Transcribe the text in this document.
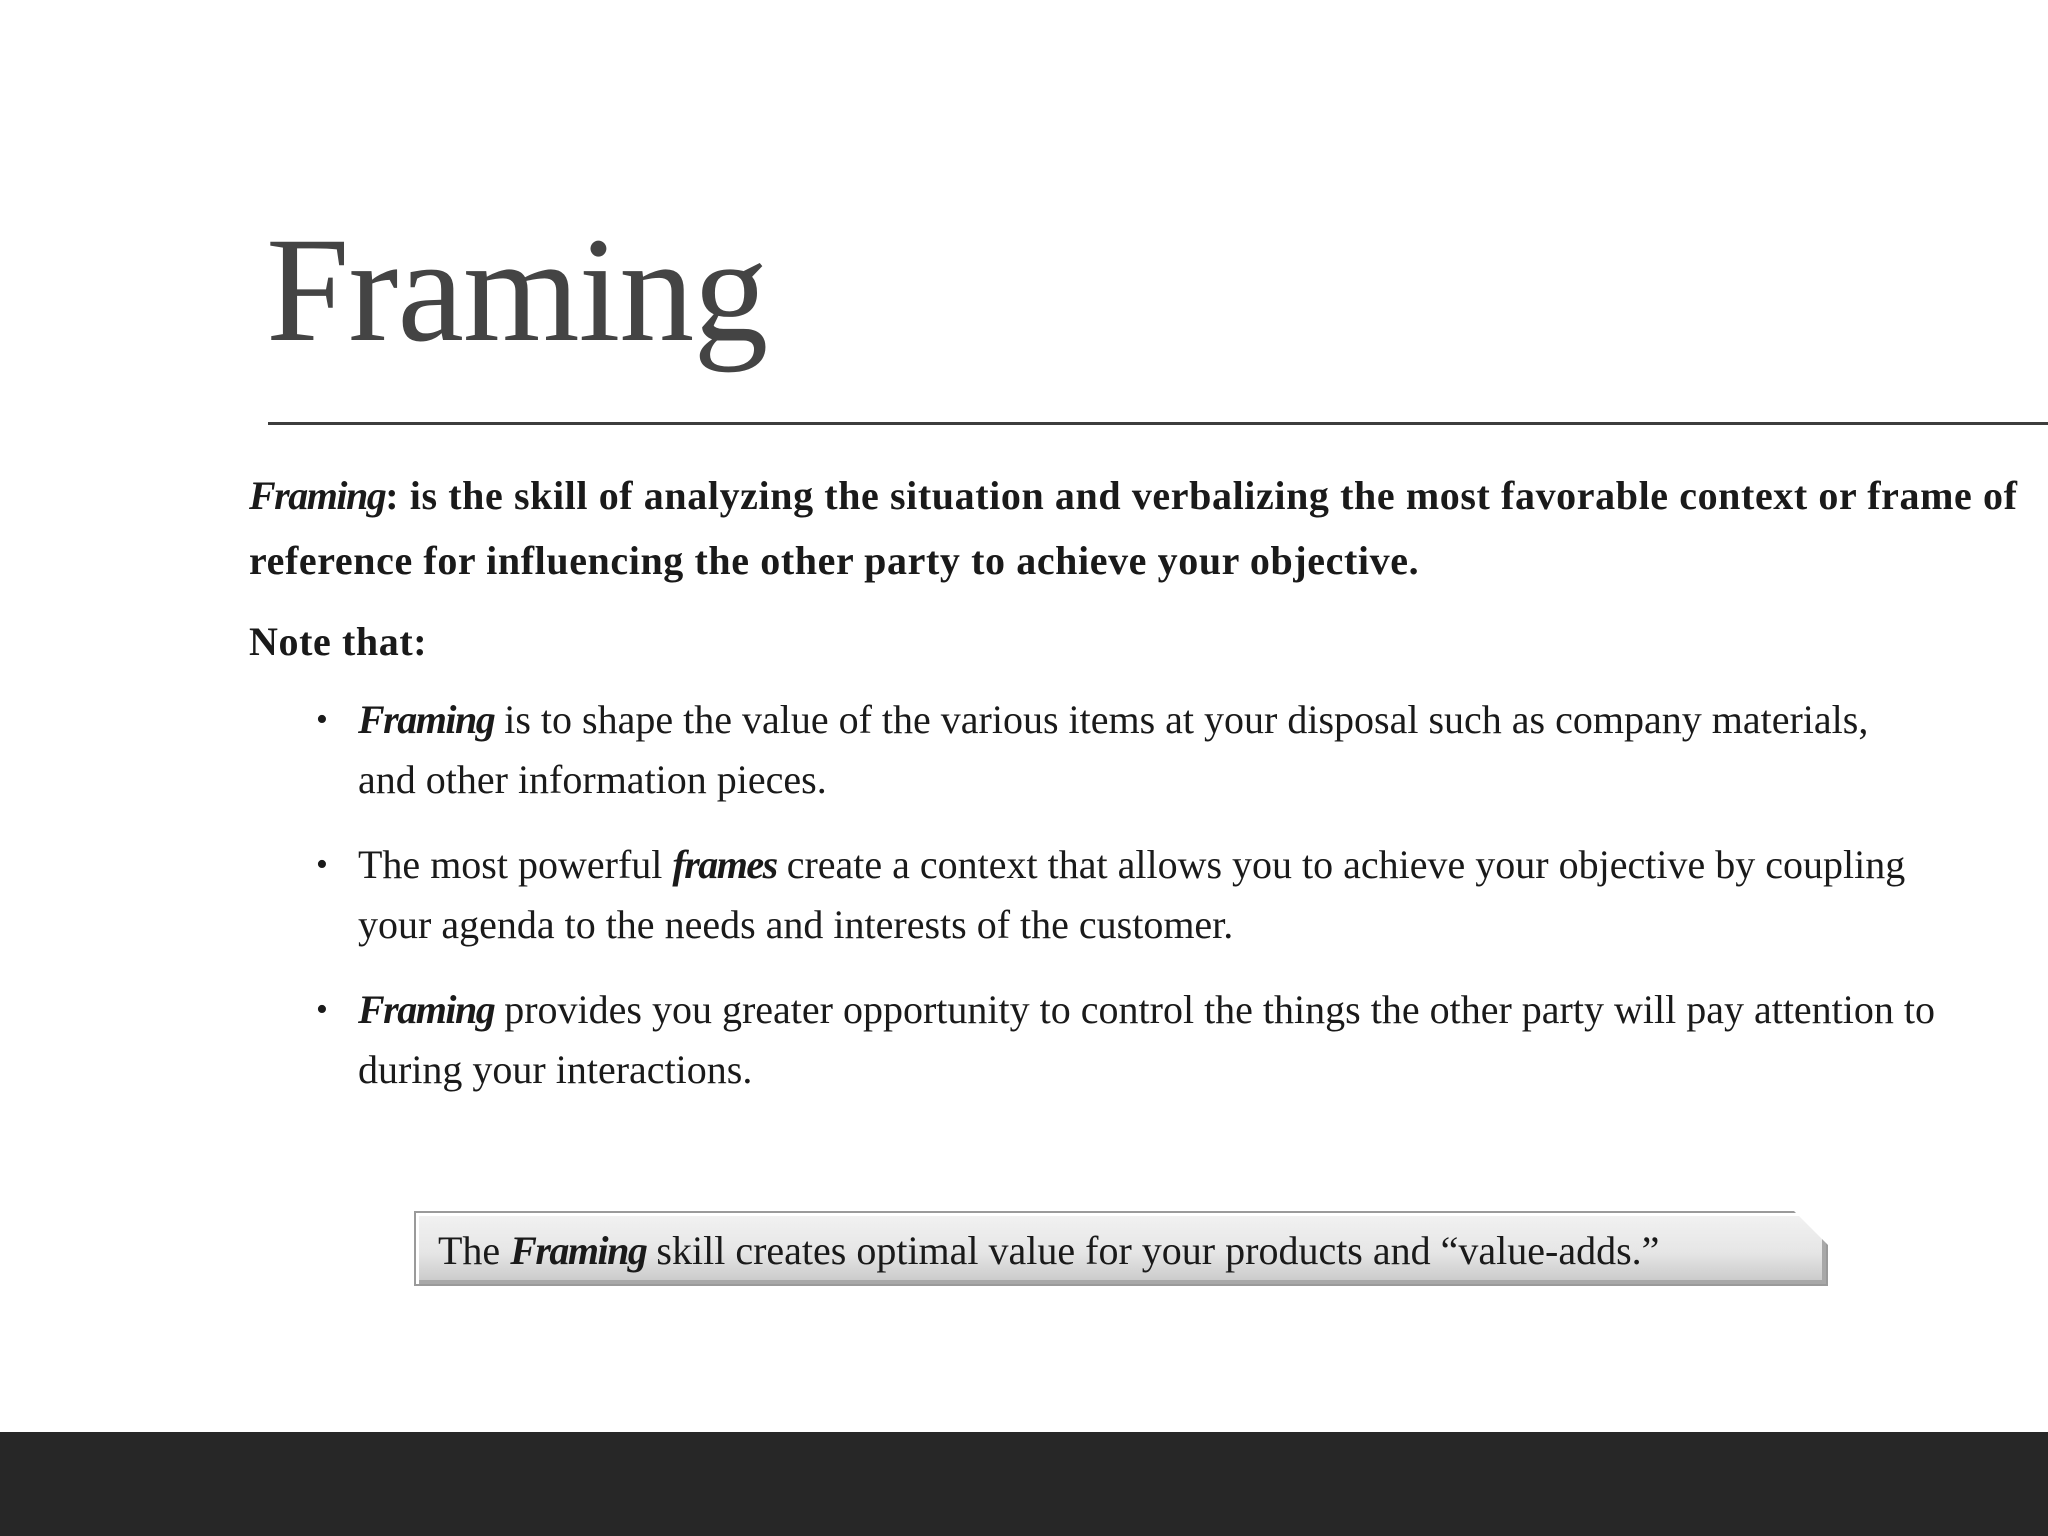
Framing

Framing: is the skill of analyzing the situation and verbalizing the most favorable context or frame of reference for influencing the other party to achieve your objective.

Note that:

• Framing is to shape the value of the various items at your disposal such as company materials, and other information pieces.
• The most powerful frames create a context that allows you to achieve your objective by coupling your agenda to the needs and interests of the customer.
• Framing provides you greater opportunity to control the things the other party will pay attention to during your interactions.
The Framing skill creates optimal value for your products and “value-adds.”
